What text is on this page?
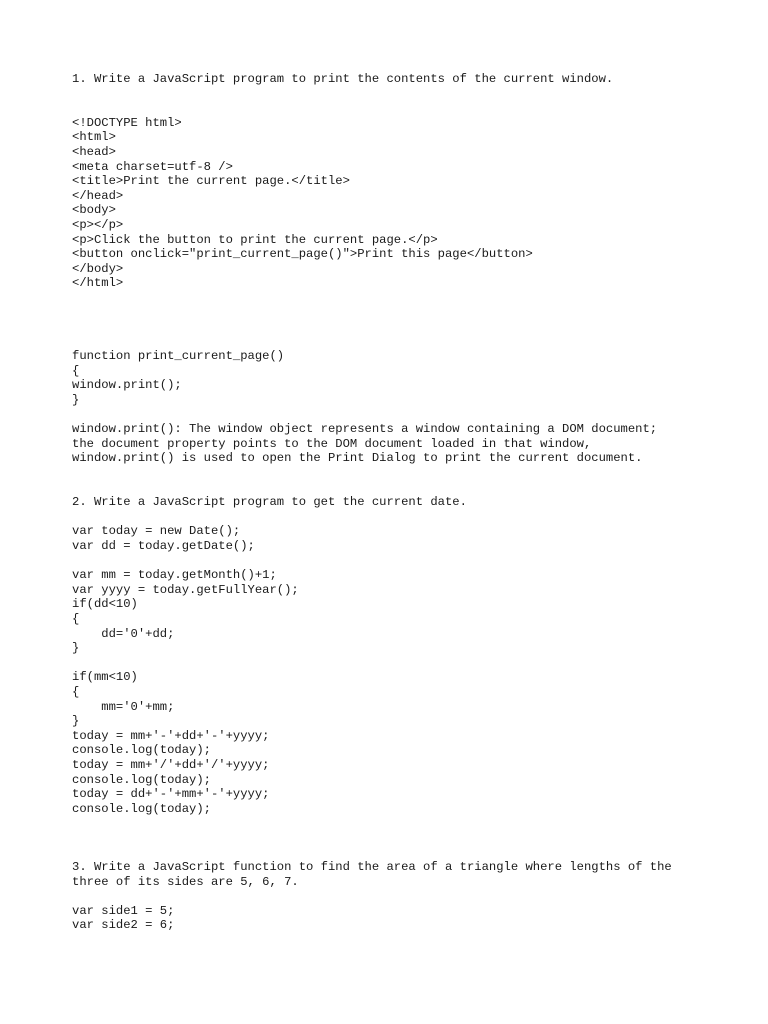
1. Write a JavaScript program to print the contents of the current window.
<!DOCTYPE html>
<html>
<head>
<meta charset=utf-8 />
<title>Print the current page.</title>
</head>
<body>
<p></p>
<p>Click the button to print the current page.</p>
<button onclick="print_current_page()">Print this page</button>
</body>
</html>
function print_current_page()
{
window.print();
}
window.print(): The window object represents a window containing a DOM document;
the document property points to the DOM document loaded in that window,
window.print() is used to open the Print Dialog to print the current document.
2. Write a JavaScript program to get the current date.
var today = new Date();
var dd = today.getDate();
var mm = today.getMonth()+1;
var yyyy = today.getFullYear();
if(dd<10)
{
dd='0'+dd;
}
if(mm<10)
{
mm='0'+mm;
}
today = mm+'-'+dd+'-'+yyyy;
console.log(today);
today = mm+'/'+dd+'/'+yyyy;
console.log(today);
today = dd+'-'+mm+'-'+yyyy;
console.log(today);
3. Write a JavaScript function to find the area of a triangle where lengths of the
three of its sides are 5, 6, 7.
var side1 = 5;
var side2 = 6;
